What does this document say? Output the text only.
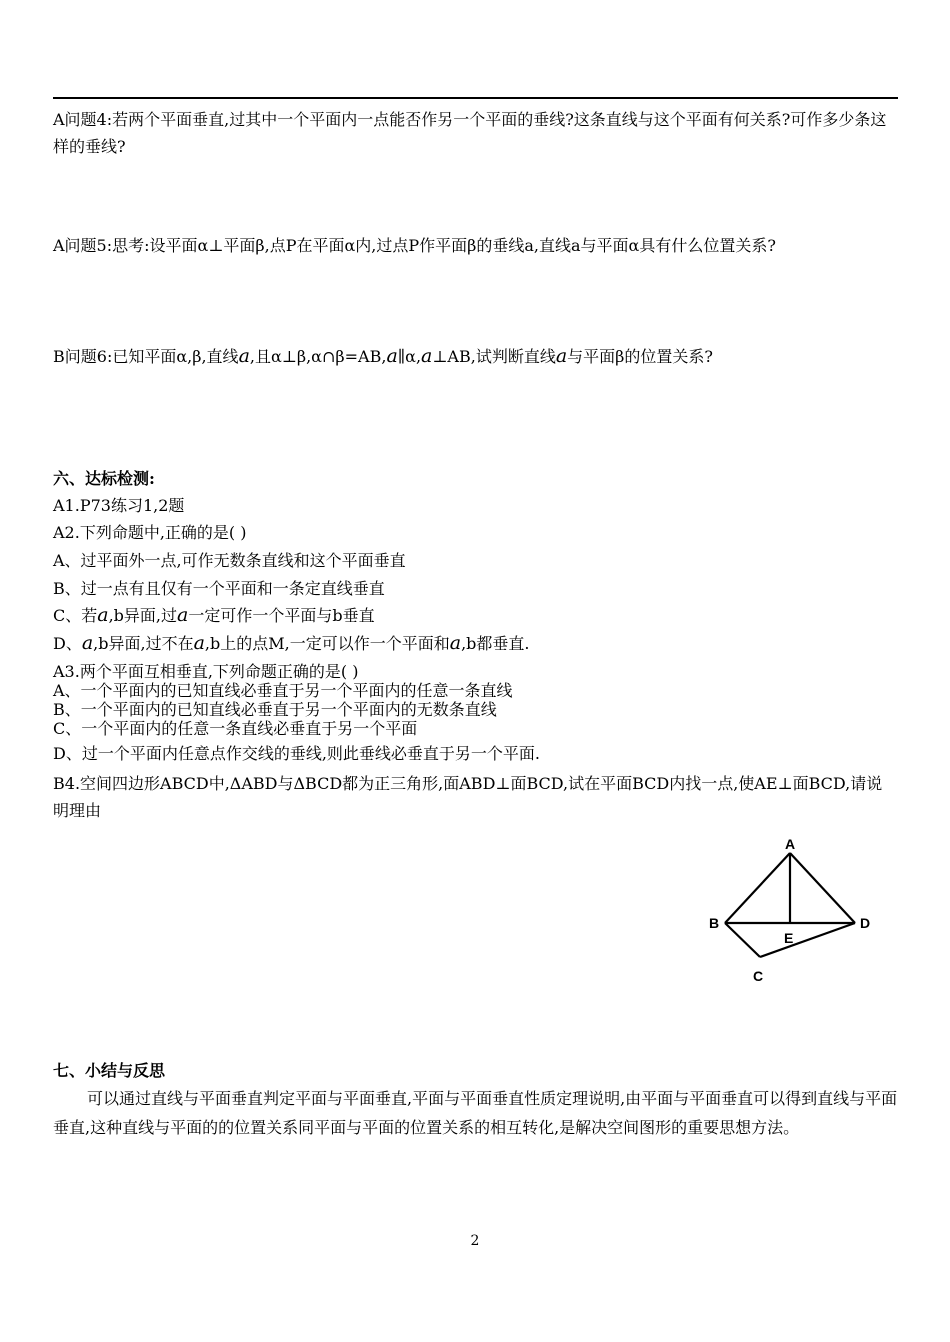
A问题4:若两个平面垂直,过其中一个平面内一点能否作另一个平面的垂线?这条直线与这个平面有何关系?可作多少条这样的垂线?

A问题5:思考:设平面α⊥平面β,点P在平面α内,过点P作平面β的垂线a,直线a与平面α具有什么位置关系?

B问题6:已知平面α,β,直线a,且α⊥β,α∩β=AB,a∥α,a⊥AB,试判断直线a与平面β的位置关系?

六、达标检测:

A1.P73练习1,2题

A2.下列命题中,正确的是( )

A、过平面外一点,可作无数条直线和这个平面垂直

B、过一点有且仅有一个平面和一条定直线垂直

C、若a,b异面,过a一定可作一个平面与b垂直

D、a,b异面,过不在a,b上的点M,一定可以作一个平面和a,b都垂直.

A3.两个平面互相垂直,下列命题正确的是( )

A、一个平面内的已知直线必垂直于另一个平面内的任意一条直线

B、一个平面内的已知直线必垂直于另一个平面内的无数条直线

C、一个平面内的任意一条直线必垂直于另一个平面

D、过一个平面内任意点作交线的垂线,则此垂线必垂直于另一个平面.

B4.空间四边形ABCD中,ΔABD与ΔBCD都为正三角形,面ABD⊥面BCD,试在平面BCD内找一点,使AE⊥面BCD,请说明理由

A
B
C
D
E

七、小结与反思

可以通过直线与平面垂直判定平面与平面垂直,平面与平面垂直性质定理说明,由平面与平面垂直可以得到直线与平面垂直,这种直线与平面的的位置关系同平面与平面的位置关系的相互转化,是解决空间图形的重要思想方法。

2
